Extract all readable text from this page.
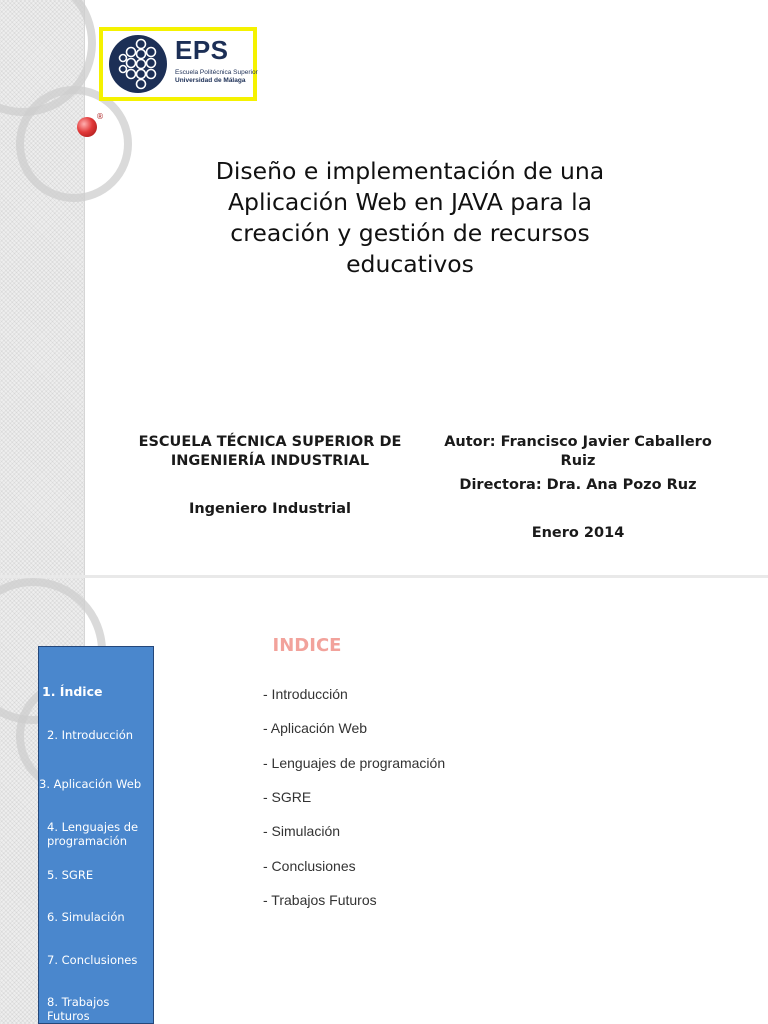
EPS
Escuela Politécnica Superior
Universidad de Málaga
®
Diseño e implementación de una Aplicación Web en JAVA para la creación y gestión de recursos educativos

ESCUELA TÉCNICA SUPERIOR DE INGENIERÍA INDUSTRIAL

Ingeniero Industrial

Autor: Francisco Javier Caballero Ruiz

Directora: Dra. Ana Pozo Ruz

Enero 2014

1. Índice
2. Introducción
3. Aplicación Web
4. Lenguajes de programación
5. SGRE
6. Simulación
7. Conclusiones
8. Trabajos Futuros
INDICE
- Introducción
- Aplicación Web
- Lenguajes de programación
- SGRE
- Simulación
- Conclusiones
- Trabajos Futuros
